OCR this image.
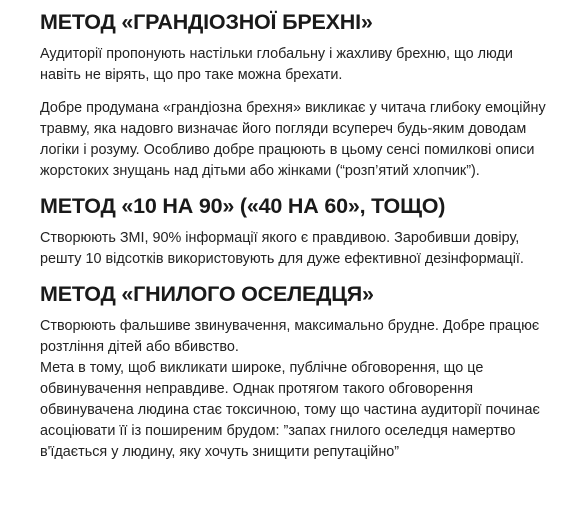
МЕТОД «ГРАНДІОЗНОЇ БРЕХНІ»

Аудиторії пропонують настільки глобальну і жахливу брехню, що люди навіть не вірять, що про таке можна брехати.

Добре продумана «грандіозна брехня» викликає у читача глибоку емоційну травму, яка надовго визначає його погляди всупереч будь-яким доводам логіки і розуму. Особливо добре працюють в цьому сенсі помилкові описи жорстоких знущань над дітьми або жінками (“розп’ятий хлопчик”).

МЕТОД «10 НА 90» («40 НА 60», ТОЩО)

Створюють ЗМІ, 90% інформації якого є правдивою. Заробивши довіру, решту 10 відсотків використовують для дуже ефективної дезінформації.

МЕТОД «ГНИЛОГО ОСЕЛЕДЦЯ»

Створюють фальшиве звинувачення, максимально брудне. Добре працює розтління дітей або вбивство.

Мета в тому, щоб викликати широке, публічне обговорення, що це обвинувачення неправдиве. Однак протягом такого обговорення обвинувачена людина стає токсичною, тому що частина аудиторії починає асоціювати її із поширеним брудом: ”запах гнилого оселедця намертво в'їдається у людину, яку хочуть знищити репутаційно”
